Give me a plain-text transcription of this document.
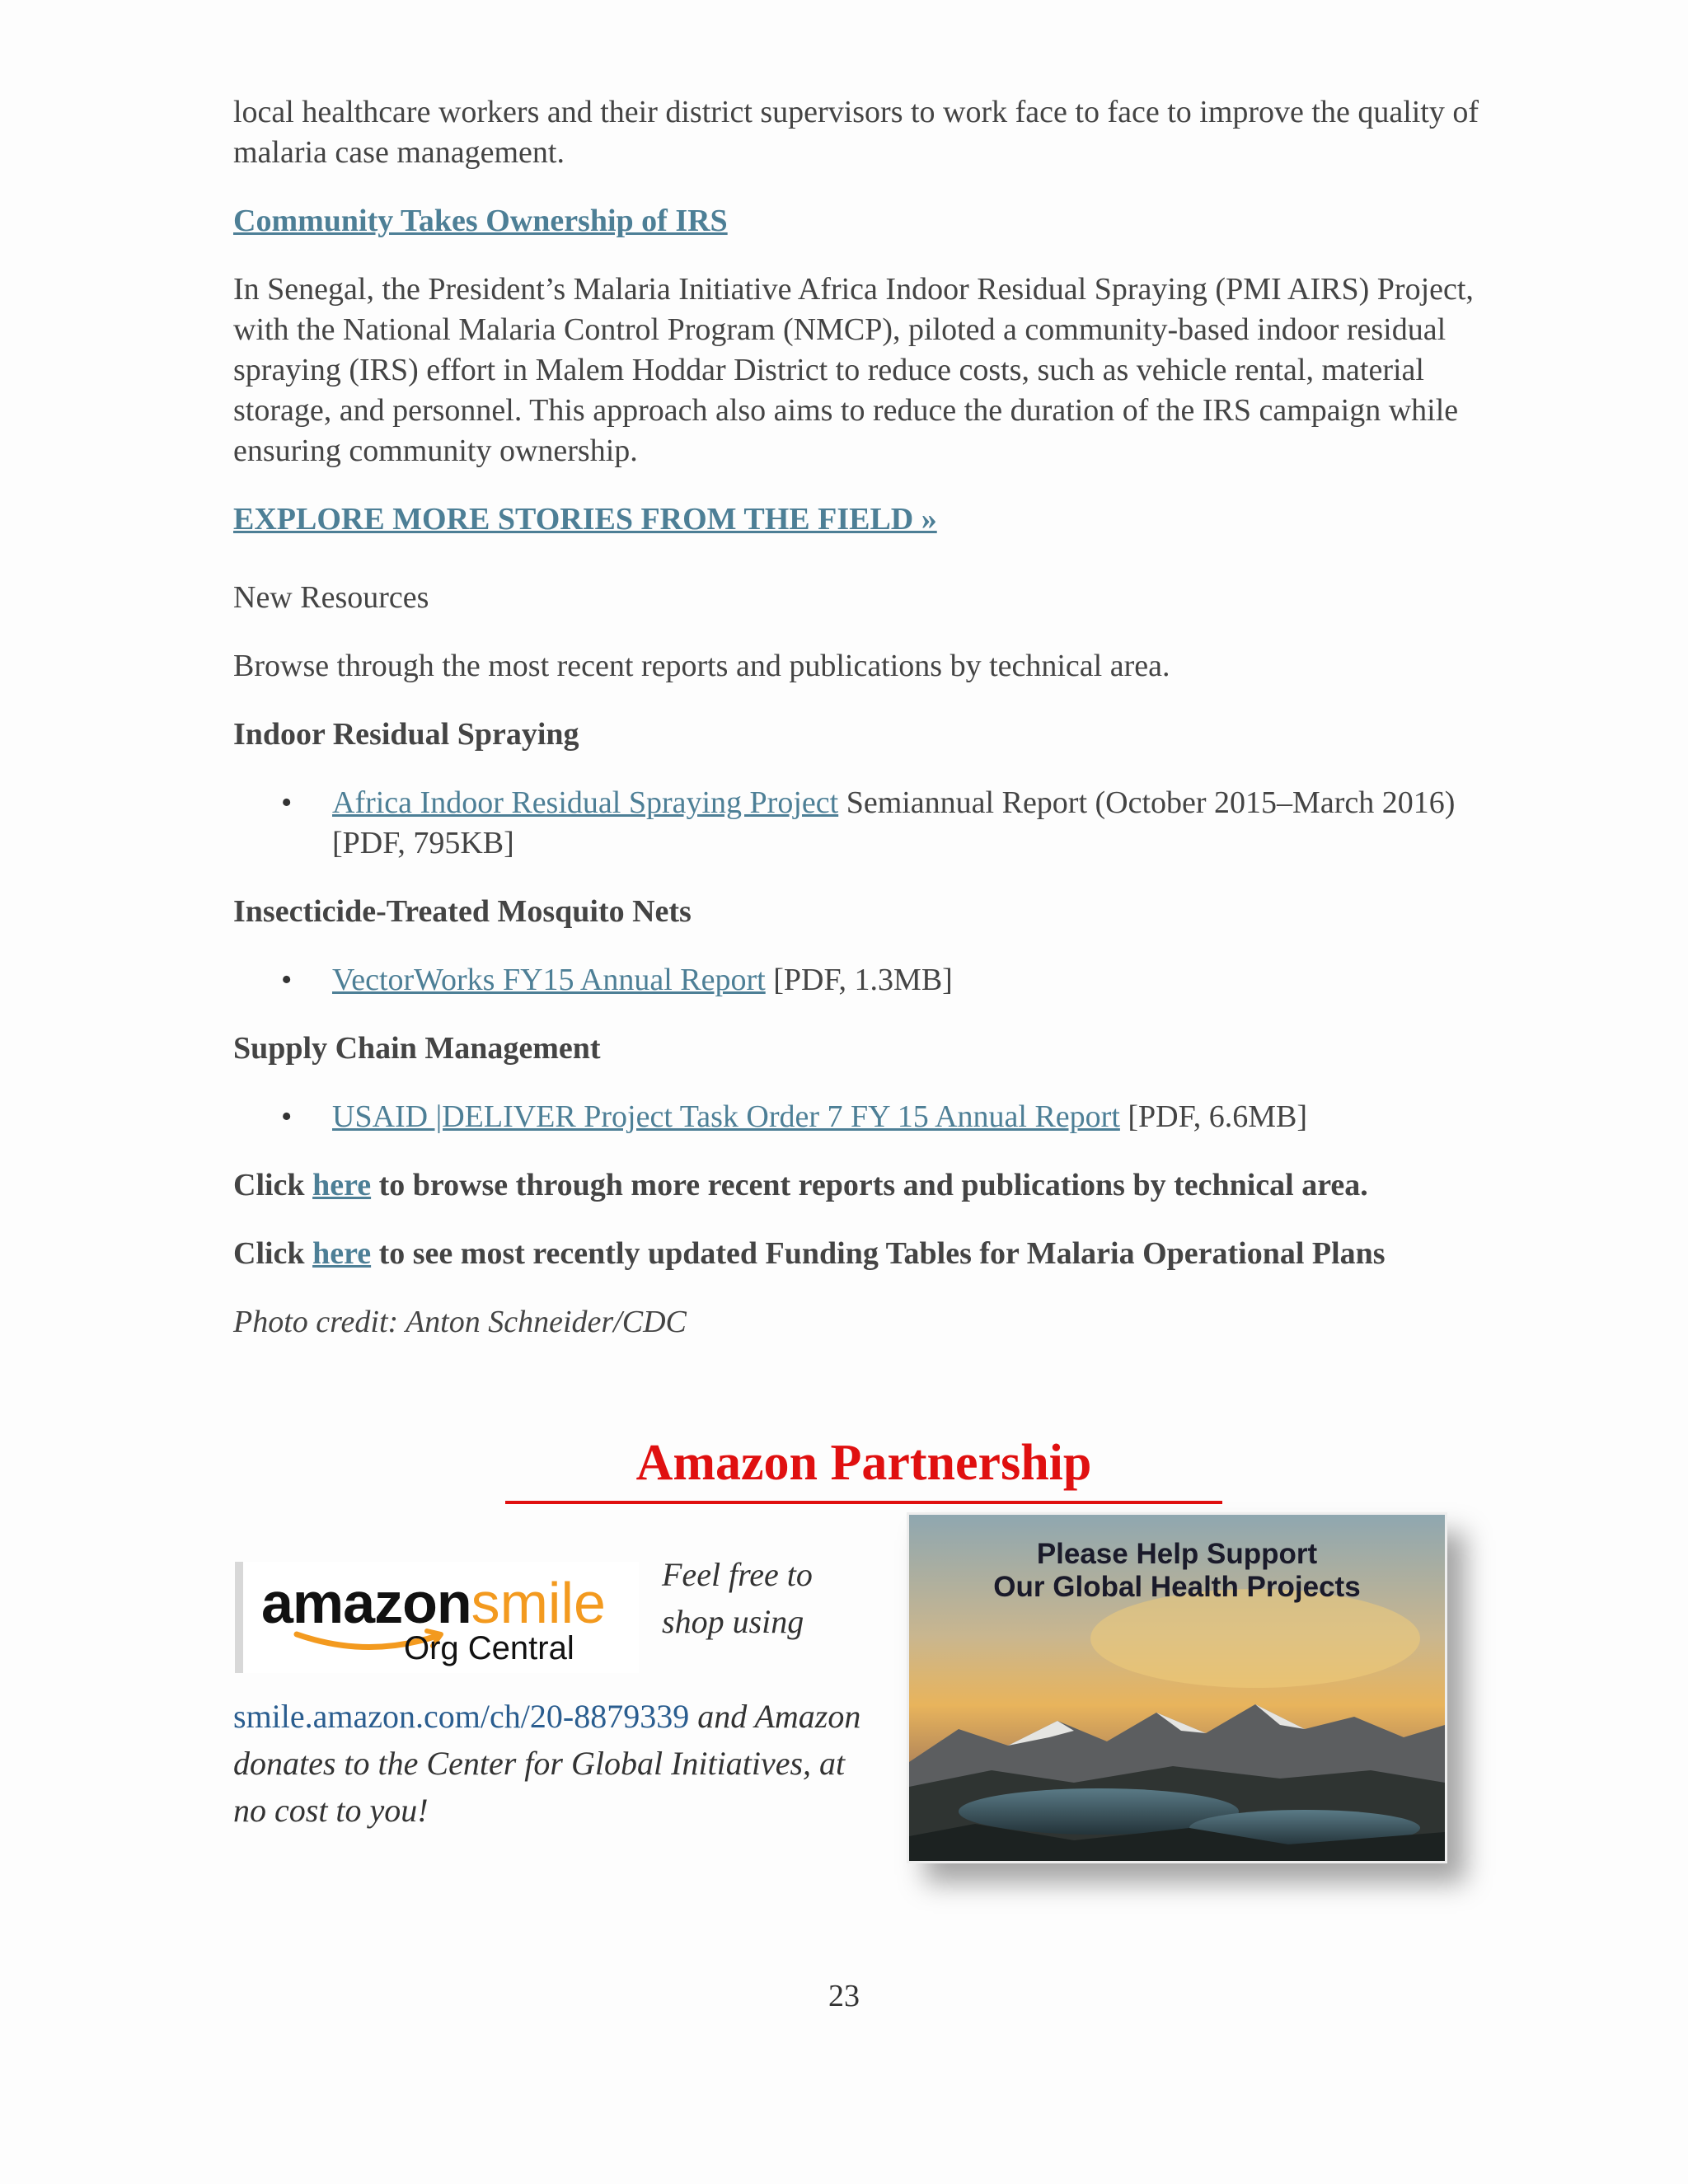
local healthcare workers and their district supervisors to work face to face to improve the quality of malaria case management.

Community Takes Ownership of IRS

In Senegal, the President’s Malaria Initiative Africa Indoor Residual Spraying (PMI AIRS) Project, with the National Malaria Control Program (NMCP), piloted a community-based indoor residual spraying (IRS) effort in Malem Hoddar District to reduce costs, such as vehicle rental, material storage, and personnel. This approach also aims to reduce the duration of the IRS campaign while ensuring community ownership.

EXPLORE MORE STORIES FROM THE FIELD »

New Resources

Browse through the most recent reports and publications by technical area.

Indoor Residual Spraying

• Africa Indoor Residual Spraying Project Semiannual Report (October 2015–March 2016) [PDF, 795KB]

Insecticide-Treated Mosquito Nets

• VectorWorks FY15 Annual Report [PDF, 1.3MB]

Supply Chain Management

• USAID |DELIVER Project Task Order 7 FY 15 Annual Report [PDF, 6.6MB]

Click here to browse through more recent reports and publications by technical area.

Click here to see most recently updated Funding Tables for Malaria Operational Plans

Photo credit: Anton Schneider/CDC

Amazon Partnership
Feel free to shop using smile.amazon.com/ch/20-8879339 and Amazon donates to the Center for Global Initiatives, at no cost to you!
amazonsmile
Org Central
Please Help Support
Our Global Health Projects
23
